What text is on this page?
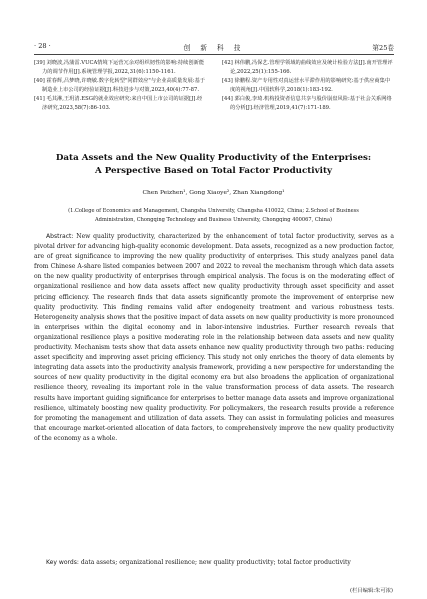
· 28 ·	创 新 科 技	第25卷
[39] 刘晓波,冯蒲雷.VUCA情境下运营冗余对组织韧性的影响:持续创新能力的调节作用[J].系统管理学报,2022,31(6):1150-1161.
[40] 霍春辉,吕梦晓,许晓敏.数字化转型"同群效应"与企业高质量发展:基于制造业上市公司的经验证据[J].科技进步与对策,2023,40(4):77-87.
[41] 毛其淋,王玥清.ESG的就业效应研究:来自中国上市公司的证据[J].经济研究,2023,58(7):86-103.
[42] 林伟鹏,冯保艺.管理学领域的曲线效应及统计检验方法[J].南开管理评论,2022,25(1):155-166.
[43] 徐鹏程.资产专用性对真运营水平滞作用的影响研究:基于供应商集中度的视角[J].中国软科学,2018(1):183-192.
[44] 郭白俊,李琦.机构投资者信息共享与股价崩盘风险:基于社会关系网络的分析[J].经济管理,2019,41(7):171-189.
Data Assets and the New Quality Productivity of the Enterprises:
A Perspective Based on Total Factor Productivity
Chen Peizhen¹, Gong Xiaoye², Zhan Xiangdong¹
(1.College of Economics and Management, Changsha University, Changsha 410022, China; 2.School of Business
Administration, Chongqing Technology and Business University, Chongqing 400067, China)

Abstract: New quality productivity, characterized by the enhancement of total factor productivity, serves as a pivotal driver for advancing high-quality economic development. Data assets, recognized as a new production factor, are of great significance to improving the new quality productivity of enterprises. This study analyzes panel data from Chinese A-share listed companies between 2007 and 2022 to reveal the mechanism through which data assets on the new quality productivity of enterprises through empirical analysis. The focus is on the moderating effect of organizational resilience and how data assets affect new quality productivity through asset specificity and asset pricing efficiency. The research finds that data assets significantly promote the improvement of enterprise new quality productivity. This finding remains valid after endogeneity treatment and various robustness tests. Heterogeneity analysis shows that the positive impact of data assets on new quality productivity is more pronounced in enterprises within the digital economy and in labor-intensive industries. Further research reveals that organizational resilience plays a positive moderating role in the relationship between data assets and new quality productivity. Mechanism tests show that data assets enhance new quality productivity through two paths: reducing asset specificity and improving asset pricing efficiency. This study not only enriches the theory of data elements by integrating data assets into the productivity analysis framework, providing a new perspective for understanding the sources of new quality productivity in the digital economy era but also broadens the application of organizational resilience theory, revealing its important role in the value transformation process of data assets. The research results have important guiding significance for enterprises to better manage data assets and improve organizational resilience, ultimately boosting new quality productivity. For policymakers, the research results provide a reference for promoting the management and utilization of data assets. They can assist in formulating policies and measures that encourage market-oriented allocation of data factors, to comprehensively improve the new quality productivity of the economy as a whole.

Key words: data assets; organizational resilience; new quality productivity; total factor productivity
(栏目编辑:朱可浓)
